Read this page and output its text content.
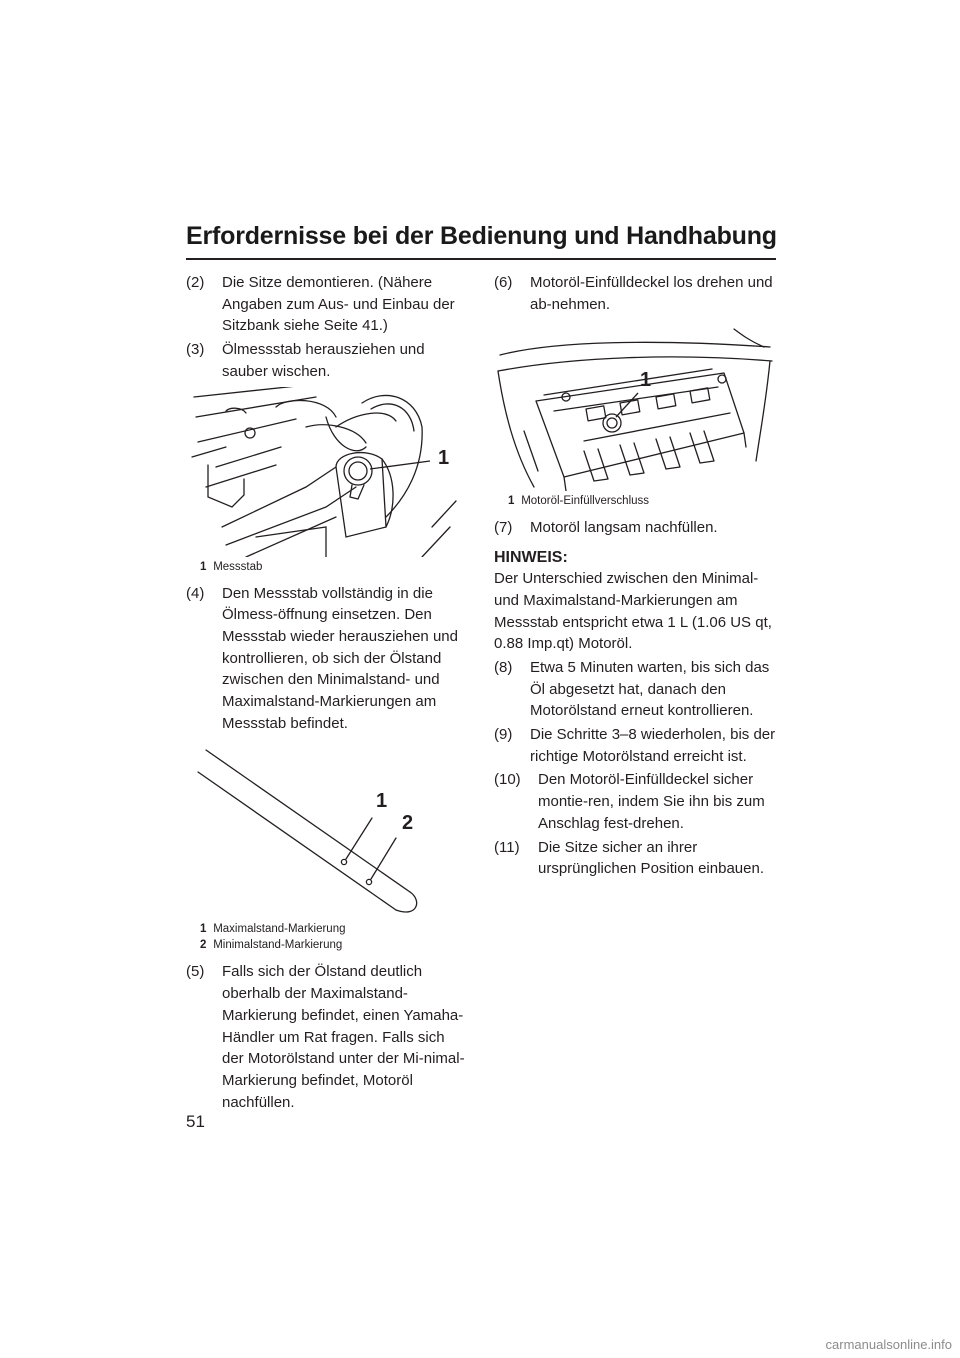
Erfordernisse bei der Bedienung und Handhabung

(2) Die Sitze demontieren. (Nähere Angaben zum Aus- und Einbau der Sitzbank siehe Seite 41.)

(3) Ölmessstab herausziehen und sauber wischen.

1
1 Messstab

(4) Den Messstab vollständig in die Ölmess-öffnung einsetzen. Den Messstab wieder herausziehen und kontrollieren, ob sich der Ölstand zwischen den Minimalstand- und Maximalstand-Markierungen am Messstab befindet.

1
2
1 Maximalstand-Markierung
2 Minimalstand-Markierung

(5) Falls sich der Ölstand deutlich oberhalb der Maximalstand-Markierung befindet, einen Yamaha-Händler um Rat fragen. Falls sich der Motorölstand unter der Mi-nimal-Markierung befindet, Motoröl nachfüllen.

(6) Motoröl-Einfülldeckel los drehen und ab-nehmen.

1
1 Motoröl-Einfüllverschluss

(7) Motoröl langsam nachfüllen.

HINWEIS:

Der Unterschied zwischen den Minimal- und Maximalstand-Markierungen am Messstab entspricht etwa 1 L (1.06 US qt, 0.88 Imp.qt) Motoröl.

(8) Etwa 5 Minuten warten, bis sich das Öl abgesetzt hat, danach den Motorölstand erneut kontrollieren.

(9) Die Schritte 3–8 wiederholen, bis der richtige Motorölstand erreicht ist.

(10) Den Motoröl-Einfülldeckel sicher montie-ren, indem Sie ihn bis zum Anschlag fest-drehen.

(11) Die Sitze sicher an ihrer ursprünglichen Position einbauen.

51
carmanualsonline.info
